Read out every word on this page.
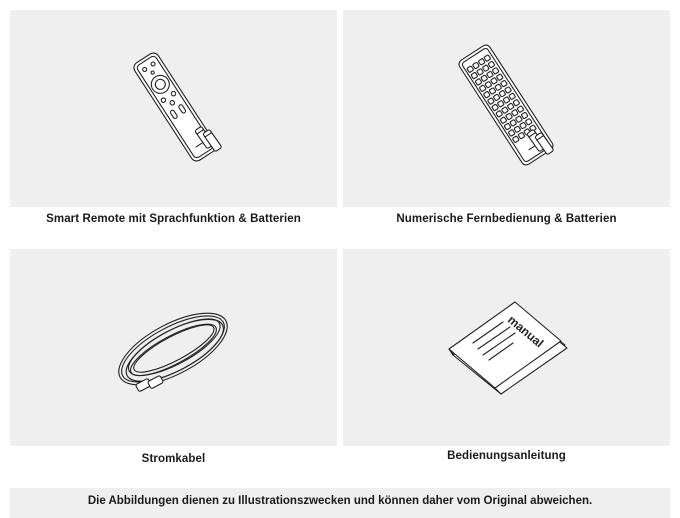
Smart Remote mit Sprachfunktion & Batterien	Numerische Fernbedienung & Batterien
Stromkabel
manual
Bedienungsanleitung
Die Abbildungen dienen zu Illustrationszwecken und können daher vom Original abweichen.
